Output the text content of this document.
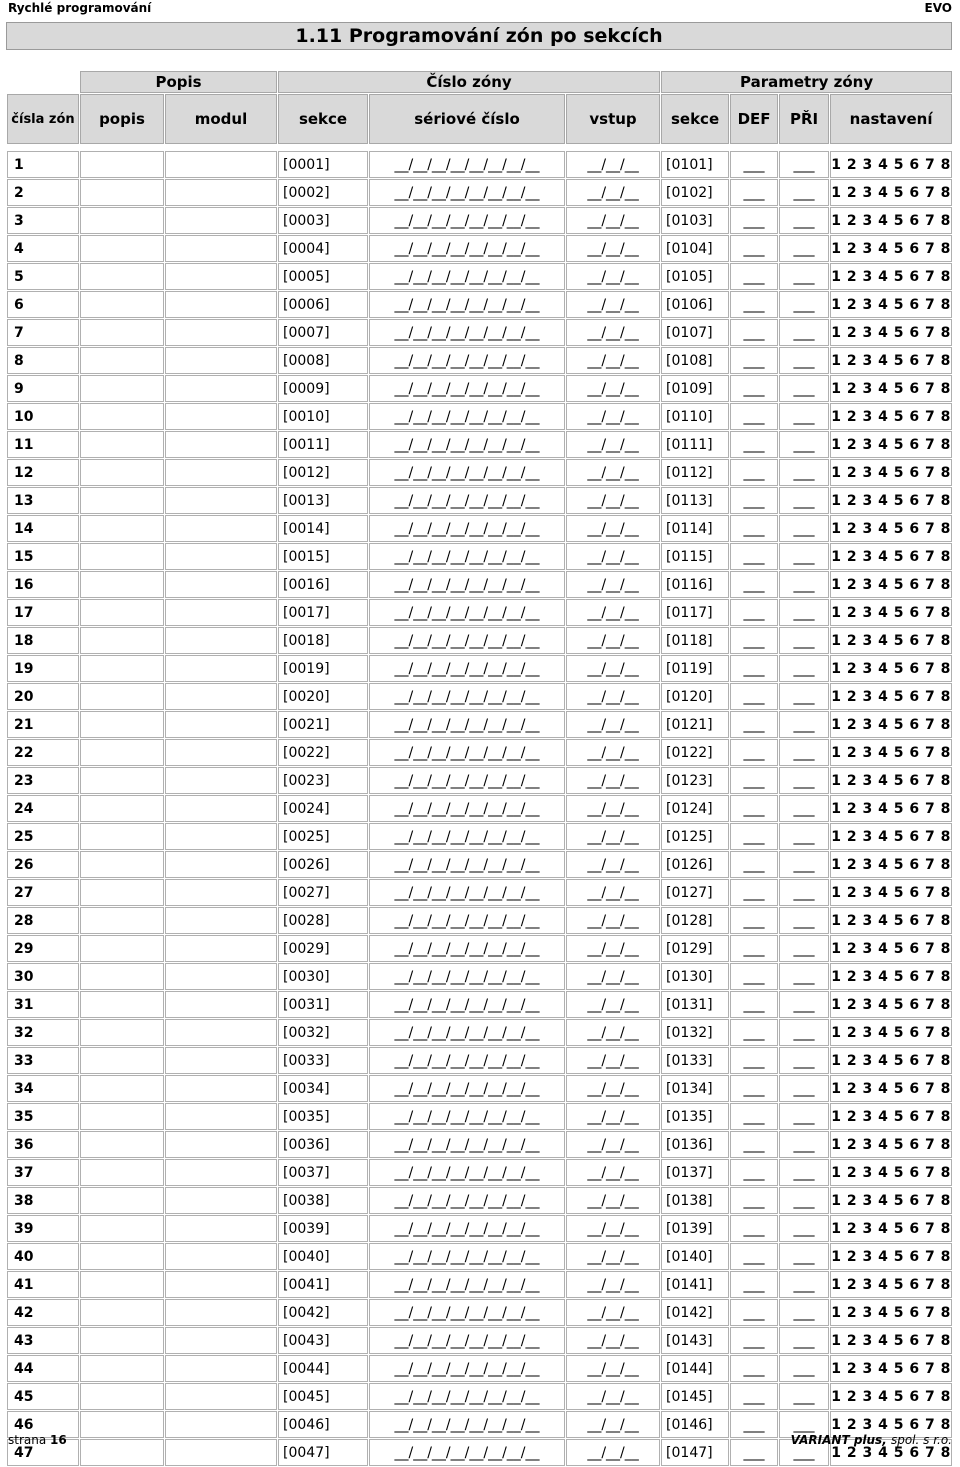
Rychlé programování	EVO
1.11 Programování zón po sekcích
	Popis		Číslo zóny			Parametry zóny			
čísla zón	popis	modul	sekce	sériové číslo	vstup	sekce	DEF	PŘI	nastavení

1			[0001]	__/__/__/__/__/__/__/__	__/__/__	[0101]	___	___	1 2 3 4 5 6 7 8
2			[0002]	__/__/__/__/__/__/__/__	__/__/__	[0102]	___	___	1 2 3 4 5 6 7 8
3			[0003]	__/__/__/__/__/__/__/__	__/__/__	[0103]	___	___	1 2 3 4 5 6 7 8
4			[0004]	__/__/__/__/__/__/__/__	__/__/__	[0104]	___	___	1 2 3 4 5 6 7 8
5			[0005]	__/__/__/__/__/__/__/__	__/__/__	[0105]	___	___	1 2 3 4 5 6 7 8
6			[0006]	__/__/__/__/__/__/__/__	__/__/__	[0106]	___	___	1 2 3 4 5 6 7 8
7			[0007]	__/__/__/__/__/__/__/__	__/__/__	[0107]	___	___	1 2 3 4 5 6 7 8
8			[0008]	__/__/__/__/__/__/__/__	__/__/__	[0108]	___	___	1 2 3 4 5 6 7 8
9			[0009]	__/__/__/__/__/__/__/__	__/__/__	[0109]	___	___	1 2 3 4 5 6 7 8
10			[0010]	__/__/__/__/__/__/__/__	__/__/__	[0110]	___	___	1 2 3 4 5 6 7 8
11			[0011]	__/__/__/__/__/__/__/__	__/__/__	[0111]	___	___	1 2 3 4 5 6 7 8
12			[0012]	__/__/__/__/__/__/__/__	__/__/__	[0112]	___	___	1 2 3 4 5 6 7 8
13			[0013]	__/__/__/__/__/__/__/__	__/__/__	[0113]	___	___	1 2 3 4 5 6 7 8
14			[0014]	__/__/__/__/__/__/__/__	__/__/__	[0114]	___	___	1 2 3 4 5 6 7 8
15			[0015]	__/__/__/__/__/__/__/__	__/__/__	[0115]	___	___	1 2 3 4 5 6 7 8
16			[0016]	__/__/__/__/__/__/__/__	__/__/__	[0116]	___	___	1 2 3 4 5 6 7 8
17			[0017]	__/__/__/__/__/__/__/__	__/__/__	[0117]	___	___	1 2 3 4 5 6 7 8
18			[0018]	__/__/__/__/__/__/__/__	__/__/__	[0118]	___	___	1 2 3 4 5 6 7 8
19			[0019]	__/__/__/__/__/__/__/__	__/__/__	[0119]	___	___	1 2 3 4 5 6 7 8
20			[0020]	__/__/__/__/__/__/__/__	__/__/__	[0120]	___	___	1 2 3 4 5 6 7 8
21			[0021]	__/__/__/__/__/__/__/__	__/__/__	[0121]	___	___	1 2 3 4 5 6 7 8
22			[0022]	__/__/__/__/__/__/__/__	__/__/__	[0122]	___	___	1 2 3 4 5 6 7 8
23			[0023]	__/__/__/__/__/__/__/__	__/__/__	[0123]	___	___	1 2 3 4 5 6 7 8
24			[0024]	__/__/__/__/__/__/__/__	__/__/__	[0124]	___	___	1 2 3 4 5 6 7 8
25			[0025]	__/__/__/__/__/__/__/__	__/__/__	[0125]	___	___	1 2 3 4 5 6 7 8
26			[0026]	__/__/__/__/__/__/__/__	__/__/__	[0126]	___	___	1 2 3 4 5 6 7 8
27			[0027]	__/__/__/__/__/__/__/__	__/__/__	[0127]	___	___	1 2 3 4 5 6 7 8
28			[0028]	__/__/__/__/__/__/__/__	__/__/__	[0128]	___	___	1 2 3 4 5 6 7 8
29			[0029]	__/__/__/__/__/__/__/__	__/__/__	[0129]	___	___	1 2 3 4 5 6 7 8
30			[0030]	__/__/__/__/__/__/__/__	__/__/__	[0130]	___	___	1 2 3 4 5 6 7 8
31			[0031]	__/__/__/__/__/__/__/__	__/__/__	[0131]	___	___	1 2 3 4 5 6 7 8
32			[0032]	__/__/__/__/__/__/__/__	__/__/__	[0132]	___	___	1 2 3 4 5 6 7 8
33			[0033]	__/__/__/__/__/__/__/__	__/__/__	[0133]	___	___	1 2 3 4 5 6 7 8
34			[0034]	__/__/__/__/__/__/__/__	__/__/__	[0134]	___	___	1 2 3 4 5 6 7 8
35			[0035]	__/__/__/__/__/__/__/__	__/__/__	[0135]	___	___	1 2 3 4 5 6 7 8
36			[0036]	__/__/__/__/__/__/__/__	__/__/__	[0136]	___	___	1 2 3 4 5 6 7 8
37			[0037]	__/__/__/__/__/__/__/__	__/__/__	[0137]	___	___	1 2 3 4 5 6 7 8
38			[0038]	__/__/__/__/__/__/__/__	__/__/__	[0138]	___	___	1 2 3 4 5 6 7 8
39			[0039]	__/__/__/__/__/__/__/__	__/__/__	[0139]	___	___	1 2 3 4 5 6 7 8
40			[0040]	__/__/__/__/__/__/__/__	__/__/__	[0140]	___	___	1 2 3 4 5 6 7 8
41			[0041]	__/__/__/__/__/__/__/__	__/__/__	[0141]	___	___	1 2 3 4 5 6 7 8
42			[0042]	__/__/__/__/__/__/__/__	__/__/__	[0142]	___	___	1 2 3 4 5 6 7 8
43			[0043]	__/__/__/__/__/__/__/__	__/__/__	[0143]	___	___	1 2 3 4 5 6 7 8
44			[0044]	__/__/__/__/__/__/__/__	__/__/__	[0144]	___	___	1 2 3 4 5 6 7 8
45			[0045]	__/__/__/__/__/__/__/__	__/__/__	[0145]	___	___	1 2 3 4 5 6 7 8
46			[0046]	__/__/__/__/__/__/__/__	__/__/__	[0146]	___	___	1 2 3 4 5 6 7 8
47			[0047]	__/__/__/__/__/__/__/__	__/__/__	[0147]	___	___	1 2 3 4 5 6 7 8
strana 16	VARIANT plus, spol. s r.o.
